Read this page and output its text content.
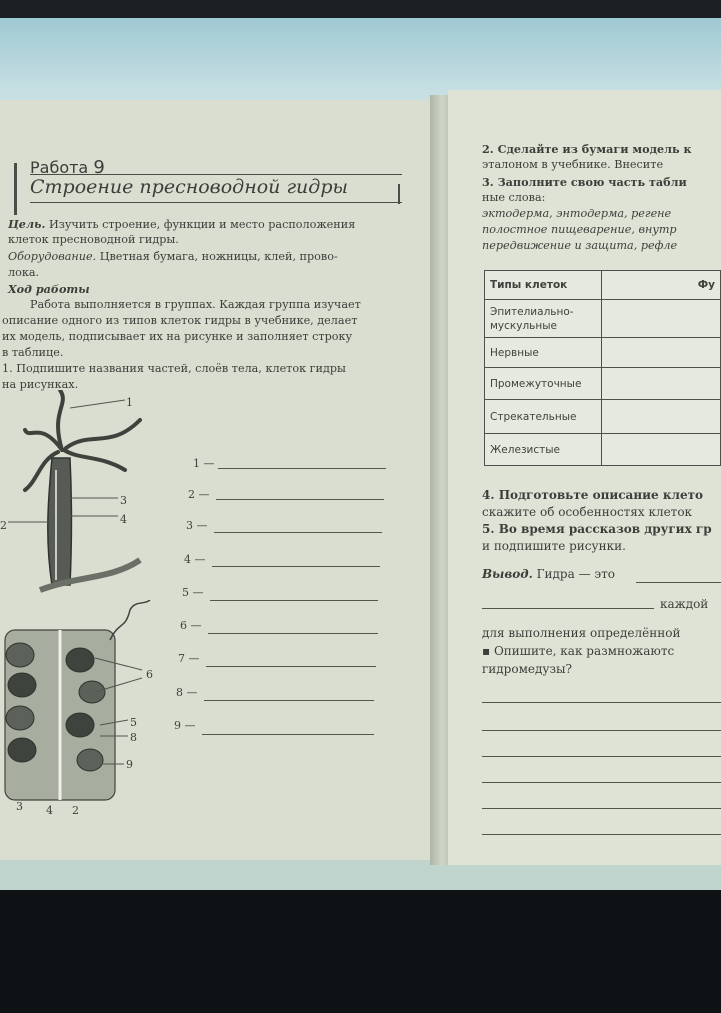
Работа 9
Строение пресноводной гидры
Цель. Изучить строение, функции и место расположения
клеток пресноводной гидры.
Оборудование. Цветная бумага, ножницы, клей, прово-
лока.
Ход работы
Работа выполняется в группах. Каждая группа изучает
описание одного из типов клеток гидры в учебнике, делает
их модель, подписывает их на рисунке и заполняет строку
в таблице.
1. Подпишите названия частей, слоёв тела, клеток гидры
на рисунках.
1
3
4
2
6
5
8
9
3 4 2
1 —
2 —
3 —
4 —
5 —
6 —
7 —
8 —
9 —
2. Сделайте из бумаги модель к
эталоном в учебнике. Внесите
3. Заполните свою часть табли
ные слова:
эктодерма, энтодерма, регене
полостное пищеварение, внутр
передвижение и защита, рефле
Типы клеток	Фу
Эпителиально-мускульные	
Нервные	
Промежуточные	
Стрекательные	
Железистые	
4. Подготовьте описание клето
скажите об особенностях клеток
5. Во время рассказов других гр
и подпишите рисунки.
Вывод. Гидра — это
каждой
для выполнения определённой
▪ Опишите, как размножаютс
гидромедузы?
